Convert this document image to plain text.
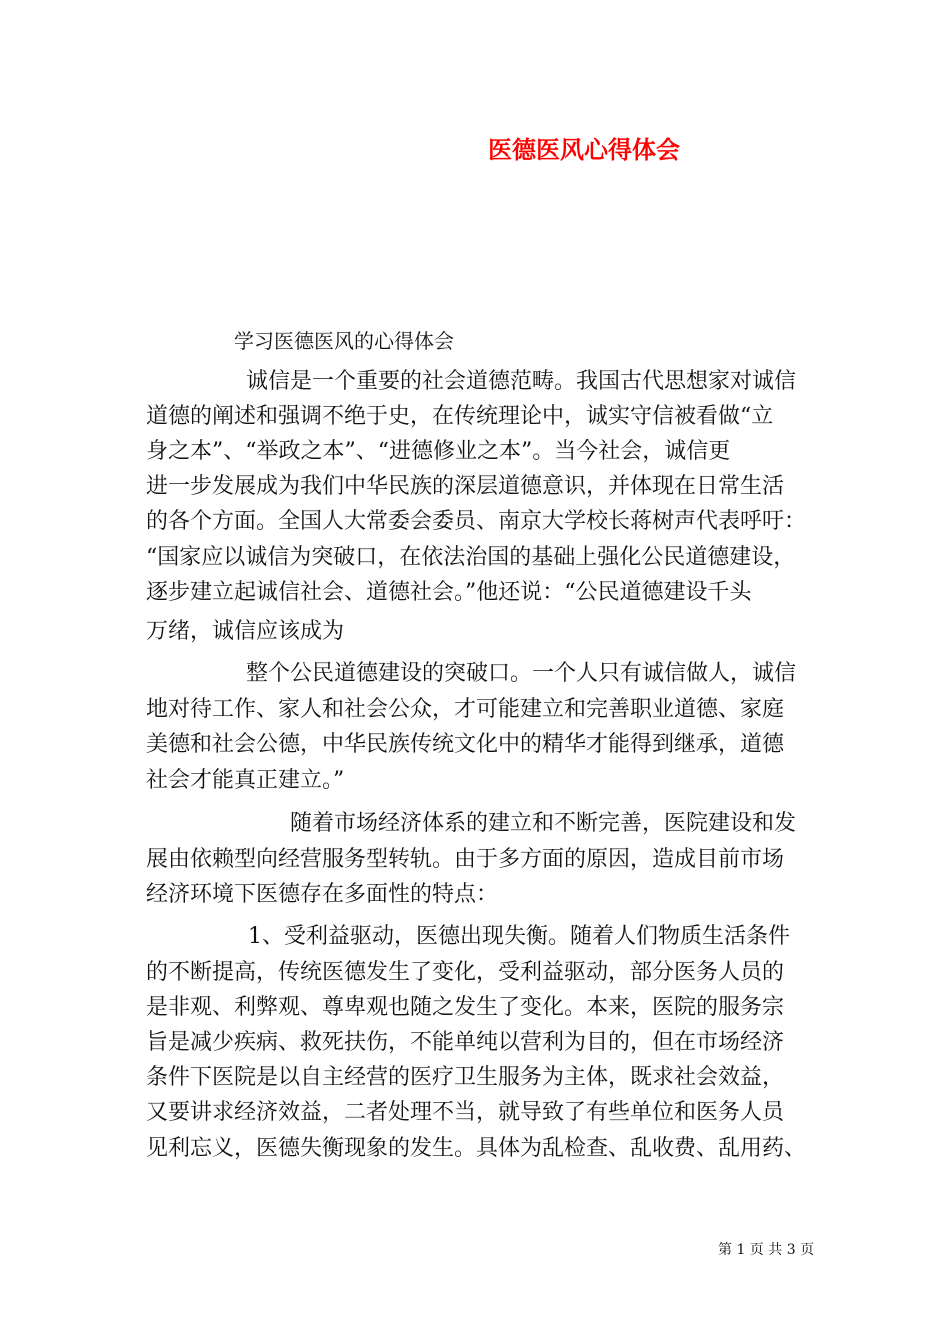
医德医风心得体会
学习医德医风的心得体会
诚信是一个重要的社会道德范畴。我国古代思想家对诚信
道德的阐述和强调不绝于史，在传统理论中，诚实守信被看做“立
身之本”、“举政之本”、“进德修业之本”。当今社会，诚信更
进一步发展成为我们中华民族的深层道德意识，并体现在日常生活
的各个方面。全国人大常委会委员、南京大学校长蒋树声代表呼吁：
“国家应以诚信为突破口，在依法治国的基础上强化公民道德建设，
逐步建立起诚信社会、道德社会。”他还说：“公民道德建设千头
万绪，诚信应该成为
整个公民道德建设的突破口。一个人只有诚信做人，诚信
地对待工作、家人和社会公众，才可能建立和完善职业道德、家庭
美德和社会公德，中华民族传统文化中的精华才能得到继承，道德
社会才能真正建立。”
随着市场经济体系的建立和不断完善，医院建设和发
展由依赖型向经营服务型转轨。由于多方面的原因，造成目前市场
经济环境下医德存在多面性的特点：
1、受利益驱动，医德出现失衡。随着人们物质生活条件
的不断提高，传统医德发生了变化，受利益驱动，部分医务人员的
是非观、利弊观、尊卑观也随之发生了变化。本来，医院的服务宗
旨是减少疾病、救死扶伤，不能单纯以营利为目的，但在市场经济
条件下医院是以自主经营的医疗卫生服务为主体，既求社会效益，
又要讲求经济效益，二者处理不当，就导致了有些单位和医务人员
见利忘义，医德失衡现象的发生。具体为乱检查、乱收费、乱用药、
第 1 页 共 3 页
